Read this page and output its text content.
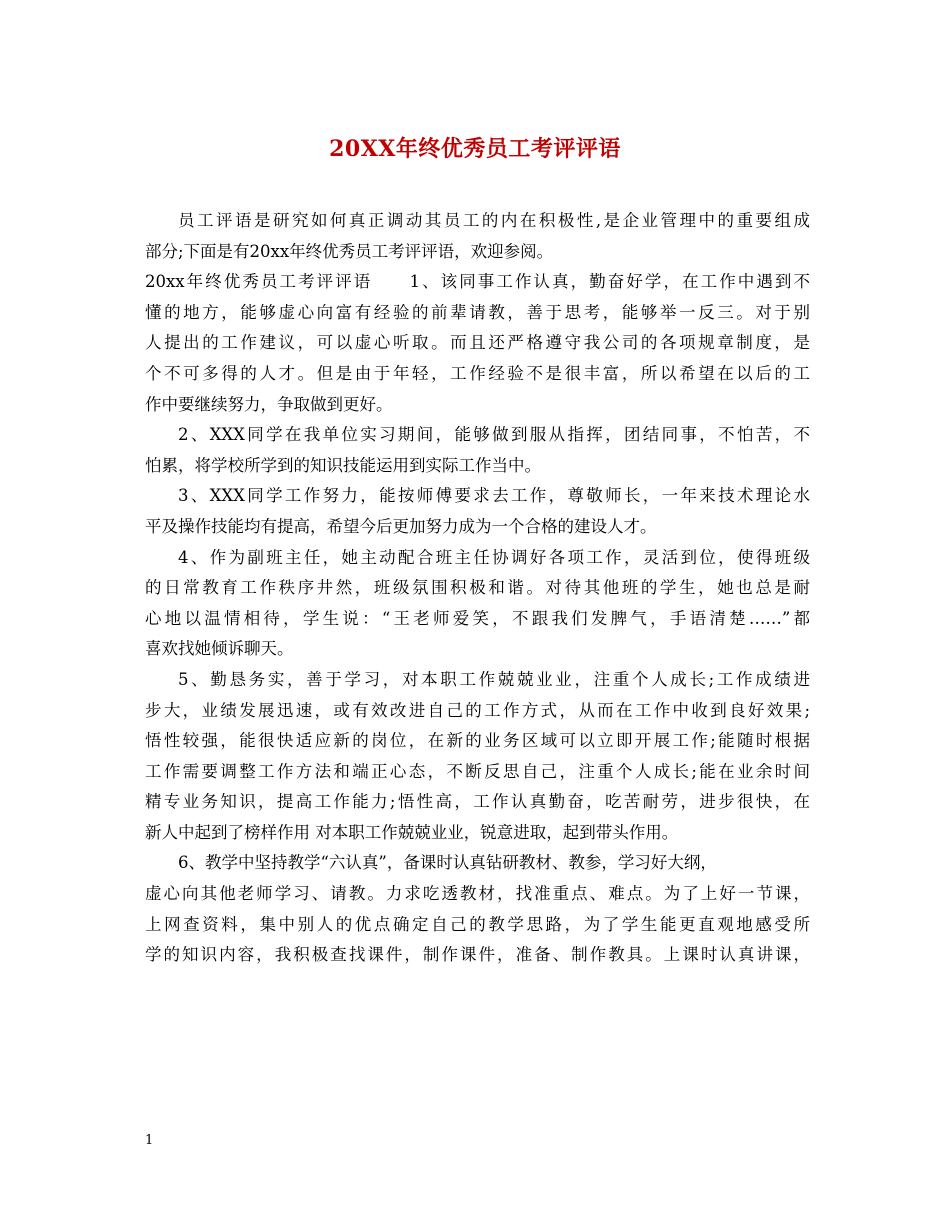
20XX年终优秀员工考评评语
员工评语是研究如何真正调动其员工的内在积极性,是企业管理中的重要组成
部分;下面是有20xx年终优秀员工考评评语，欢迎参阅。
20xx年终优秀员工考评评语　　1、该同事工作认真，勤奋好学，在工作中遇到不
懂的地方，能够虚心向富有经验的前辈请教，善于思考，能够举一反三。对于别
人提出的工作建议，可以虚心听取。而且还严格遵守我公司的各项规章制度，是
个不可多得的人才。但是由于年轻，工作经验不是很丰富，所以希望在以后的工
作中要继续努力，争取做到更好。
2、XXX同学在我单位实习期间，能够做到服从指挥，团结同事，不怕苦，不
怕累，将学校所学到的知识技能运用到实际工作当中。
3、XXX同学工作努力，能按师傅要求去工作，尊敬师长，一年来技术理论水
平及操作技能均有提高，希望今后更加努力成为一个合格的建设人才。
4、作为副班主任，她主动配合班主任协调好各项工作，灵活到位，使得班级
的日常教育工作秩序井然，班级氛围积极和谐。对待其他班的学生，她也总是耐
心地以温情相待，学生说：“王老师爱笑，不跟我们发脾气，手语清楚……”都
喜欢找她倾诉聊天。
5、勤恳务实，善于学习，对本职工作兢兢业业，注重个人成长;工作成绩进
步大，业绩发展迅速，或有效改进自己的工作方式，从而在工作中收到良好效果;
悟性较强，能很快适应新的岗位，在新的业务区域可以立即开展工作;能随时根据
工作需要调整工作方法和端正心态，不断反思自己，注重个人成长;能在业余时间
精专业务知识，提高工作能力;悟性高，工作认真勤奋，吃苦耐劳，进步很快，在
新人中起到了榜样作用 对本职工作兢兢业业，锐意进取，起到带头作用。
6、教学中坚持教学“六认真”，备课时认真钻研教材、教参，学习好大纲，
虚心向其他老师学习、请教。力求吃透教材，找准重点、难点。为了上好一节课，
上网查资料，集中别人的优点确定自己的教学思路，为了学生能更直观地感受所
学的知识内容，我积极查找课件，制作课件，准备、制作教具。上课时认真讲课，
1
